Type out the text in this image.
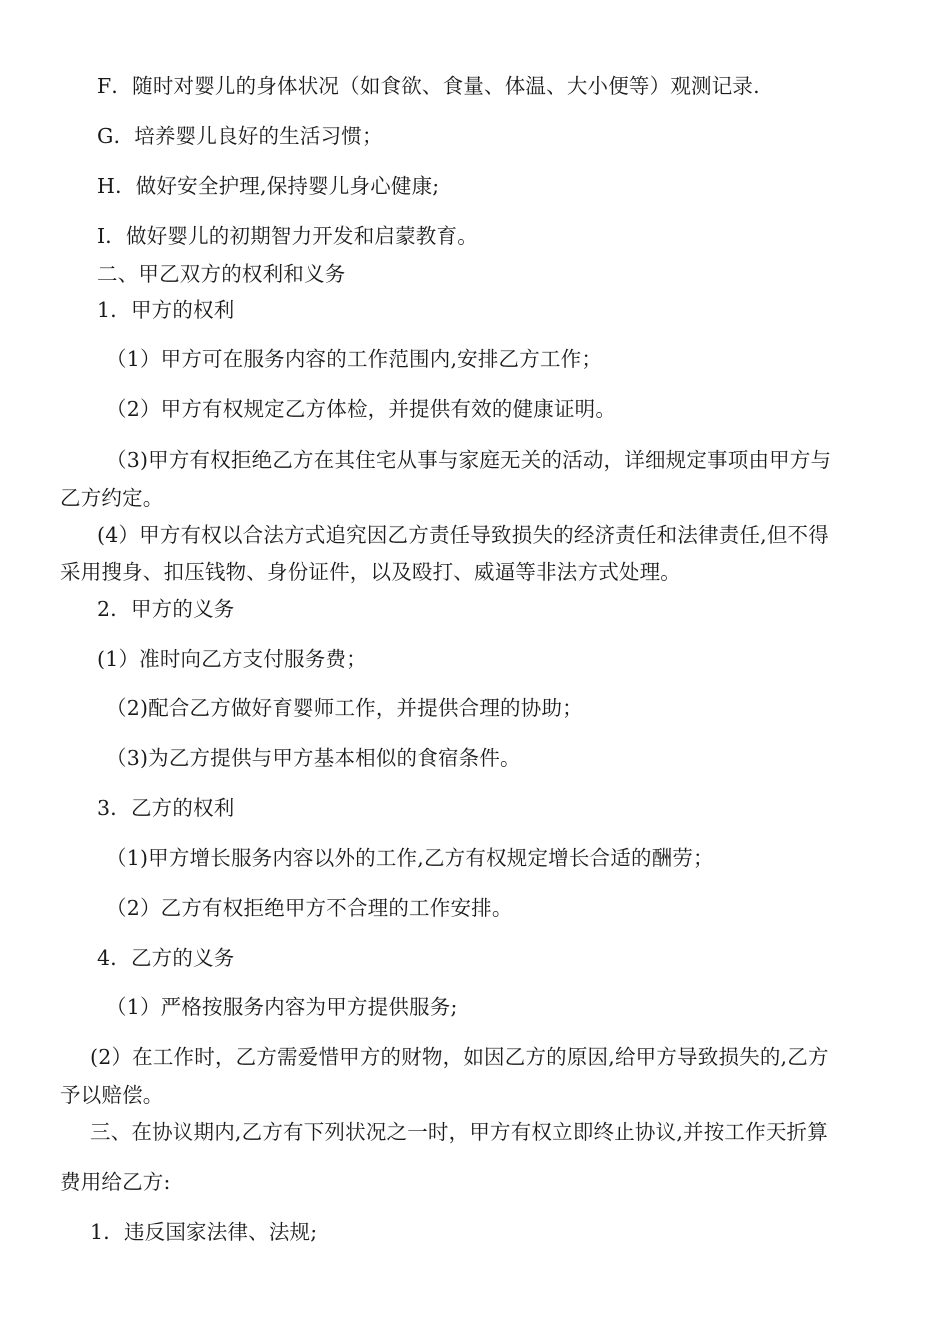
F．随时对婴儿的身体状况（如食欲、食量、体温、大小便等）观测记录.
G．培养婴儿良好的生活习惯；
H．做好安全护理,保持婴儿身心健康;
I．做好婴儿的初期智力开发和启蒙教育。
二、甲乙双方的权利和义务
1．甲方的权利
（1）甲方可在服务内容的工作范围内,安排乙方工作；
（2）甲方有权规定乙方体检，并提供有效的健康证明。
（3)甲方有权拒绝乙方在其住宅从事与家庭无关的活动，详细规定事项由甲方与
乙方约定。
(4）甲方有权以合法方式追究因乙方责任导致损失的经济责任和法律责任,但不得
采用搜身、扣压钱物、身份证件，以及殴打、威逼等非法方式处理。
2．甲方的义务
(1）准时向乙方支付服务费；
（2)配合乙方做好育婴师工作，并提供合理的协助；
（3)为乙方提供与甲方基本相似的食宿条件。
3．乙方的权利
（1)甲方增长服务内容以外的工作,乙方有权规定增长合适的酬劳；
（2）乙方有权拒绝甲方不合理的工作安排。
4．乙方的义务
（1）严格按服务内容为甲方提供服务;
(2）在工作时，乙方需爱惜甲方的财物，如因乙方的原因,给甲方导致损失的,乙方
予以赔偿。
三、在协议期内,乙方有下列状况之一时，甲方有权立即终止协议,并按工作天折算
费用给乙方:
1．违反国家法律、法规;
